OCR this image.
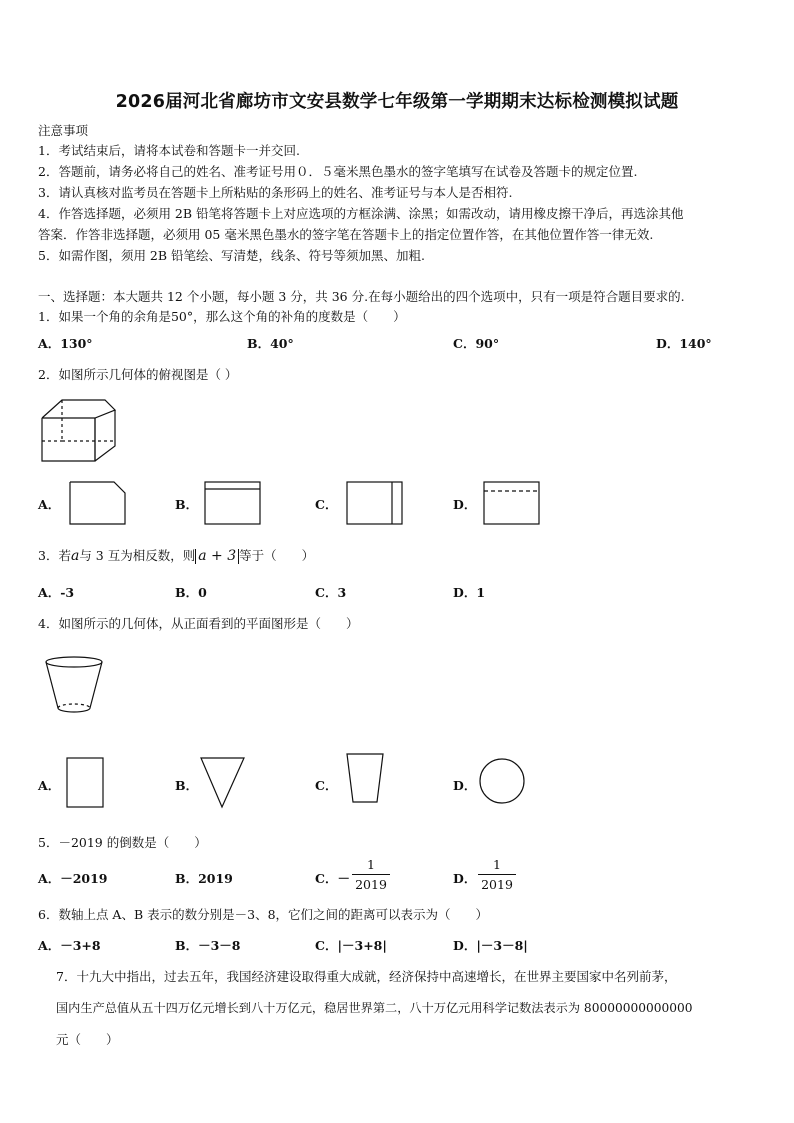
2026届河北省廊坊市文安县数学七年级第一学期期末达标检测模拟试题
注意事项
1．考试结束后，请将本试卷和答题卡一并交回.
2．答题前，请务必将自己的姓名、准考证号用０．５毫米黑色墨水的签字笔填写在试卷及答题卡的规定位置.
3．请认真核对监考员在答题卡上所粘贴的条形码上的姓名、准考证号与本人是否相符.
4．作答选择题，必须用 2B 铅笔将答题卡上对应选项的方框涂满、涂黑；如需改动，请用橡皮擦干净后，再选涂其他
答案．作答非选择题，必须用 05 毫米黑色墨水的签字笔在答题卡上的指定位置作答，在其他位置作答一律无效.
5．如需作图，须用 2B 铅笔绘、写清楚，线条、符号等须加黑、加粗.
一、选择题：本大题共 12 个小题，每小题 3 分，共 36 分.在每小题给出的四个选项中，只有一项是符合题目要求的.
1．如果一个角的余角是50°，那么这个角的补角的度数是（　　）
A．130°	B．40°	C．90°	D．140°
2．如图所示几何体的俯视图是（ ）
A．	B．	C．	D．
3．若a与 3 互为相反数，则 a + 3 等于（　　）
A．-3	B．0	C．3	D．1
4．如图所示的几何体，从正面看到的平面图形是（　　）
A．	B．	C．	D．
5．－2019 的倒数是（　　）
A．－2019	B．2019	C．－
1
2019	D．
1
2019
6．数轴上点 A、B 表示的数分别是－3、8，它们之间的距离可以表示为（　　）
A．－3+8	B．－3－8	C．|－3+8|	D．|－3－8|
7．十九大中指出，过去五年，我国经济建设取得重大成就，经济保持中高速增长，在世界主要国家中名列前茅，
国内生产总值从五十四万亿元增长到八十万亿元，稳居世界第二，八十万亿元用科学记数法表示为 80000000000000
元（　　）
